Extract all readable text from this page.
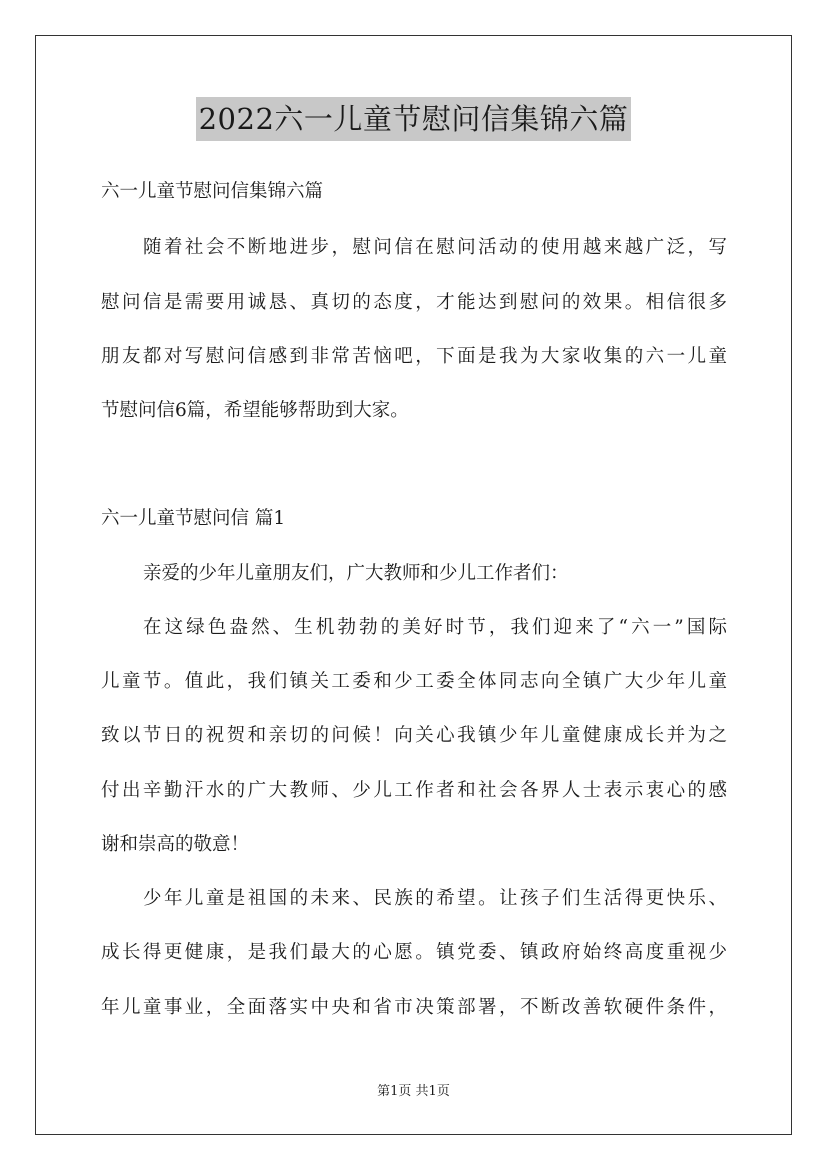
2022六一儿童节慰问信集锦六篇
六一儿童节慰问信集锦六篇
随着社会不断地进步，慰问信在慰问活动的使用越来越广泛，写
慰问信是需要用诚恳、真切的态度，才能达到慰问的效果。相信很多
朋友都对写慰问信感到非常苦恼吧，下面是我为大家收集的六一儿童
节慰问信6篇，希望能够帮助到大家。
六一儿童节慰问信 篇1
亲爱的少年儿童朋友们，广大教师和少儿工作者们：
在这绿色盎然、生机勃勃的美好时节，我们迎来了“六一”国际
儿童节。值此，我们镇关工委和少工委全体同志向全镇广大少年儿童
致以节日的祝贺和亲切的问候！向关心我镇少年儿童健康成长并为之
付出辛勤汗水的广大教师、少儿工作者和社会各界人士表示衷心的感
谢和崇高的敬意！
少年儿童是祖国的未来、民族的希望。让孩子们生活得更快乐、
成长得更健康，是我们最大的心愿。镇党委、镇政府始终高度重视少
年儿童事业，全面落实中央和省市决策部署，不断改善软硬件条件，
第1页 共1页
